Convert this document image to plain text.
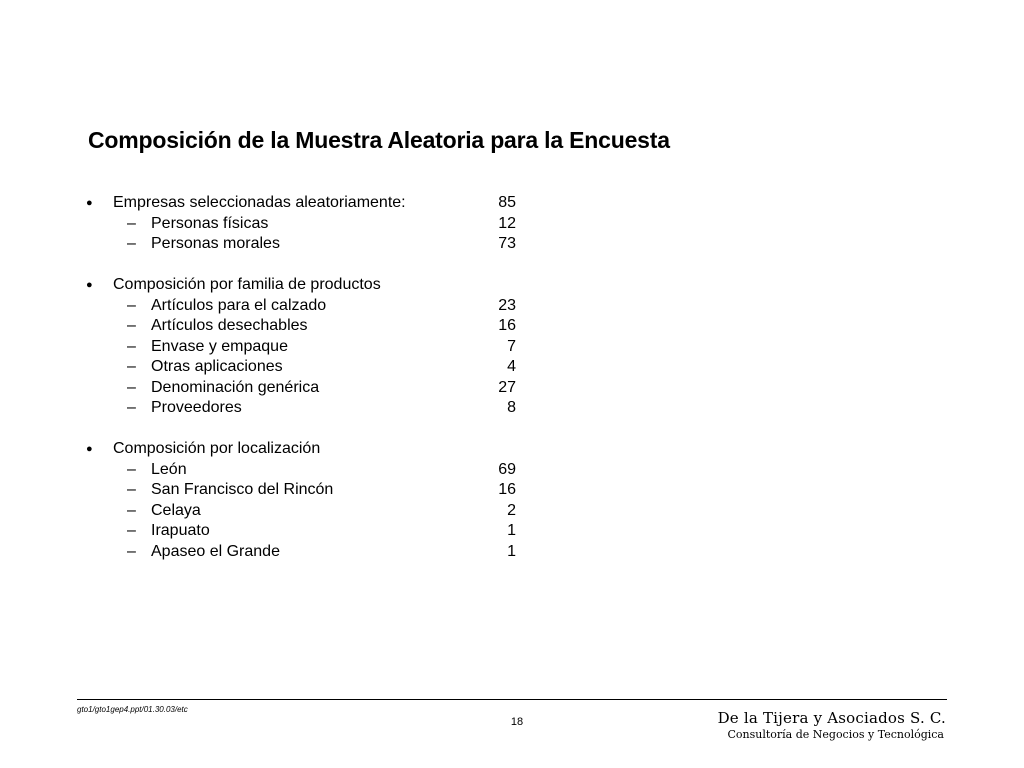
Composición de la Muestra Aleatoria para la Encuesta
● Empresas seleccionadas aleatoriamente:	85
– Personas físicas	12
– Personas morales	73
● Composición por familia de productos
– Artículos para el calzado	23
– Artículos desechables	16
– Envase y empaque	7
– Otras aplicaciones	4
– Denominación genérica	27
– Proveedores	8
● Composición por localización
– León	69
– San Francisco del Rincón	16
– Celaya	2
– Irapuato	1
– Apaseo el Grande	1
gto1/gto1gep4.ppt/01.30.03/etc
18	De la Tijera y Asociados S. C.
Consultoría de Negocios y Tecnológica
